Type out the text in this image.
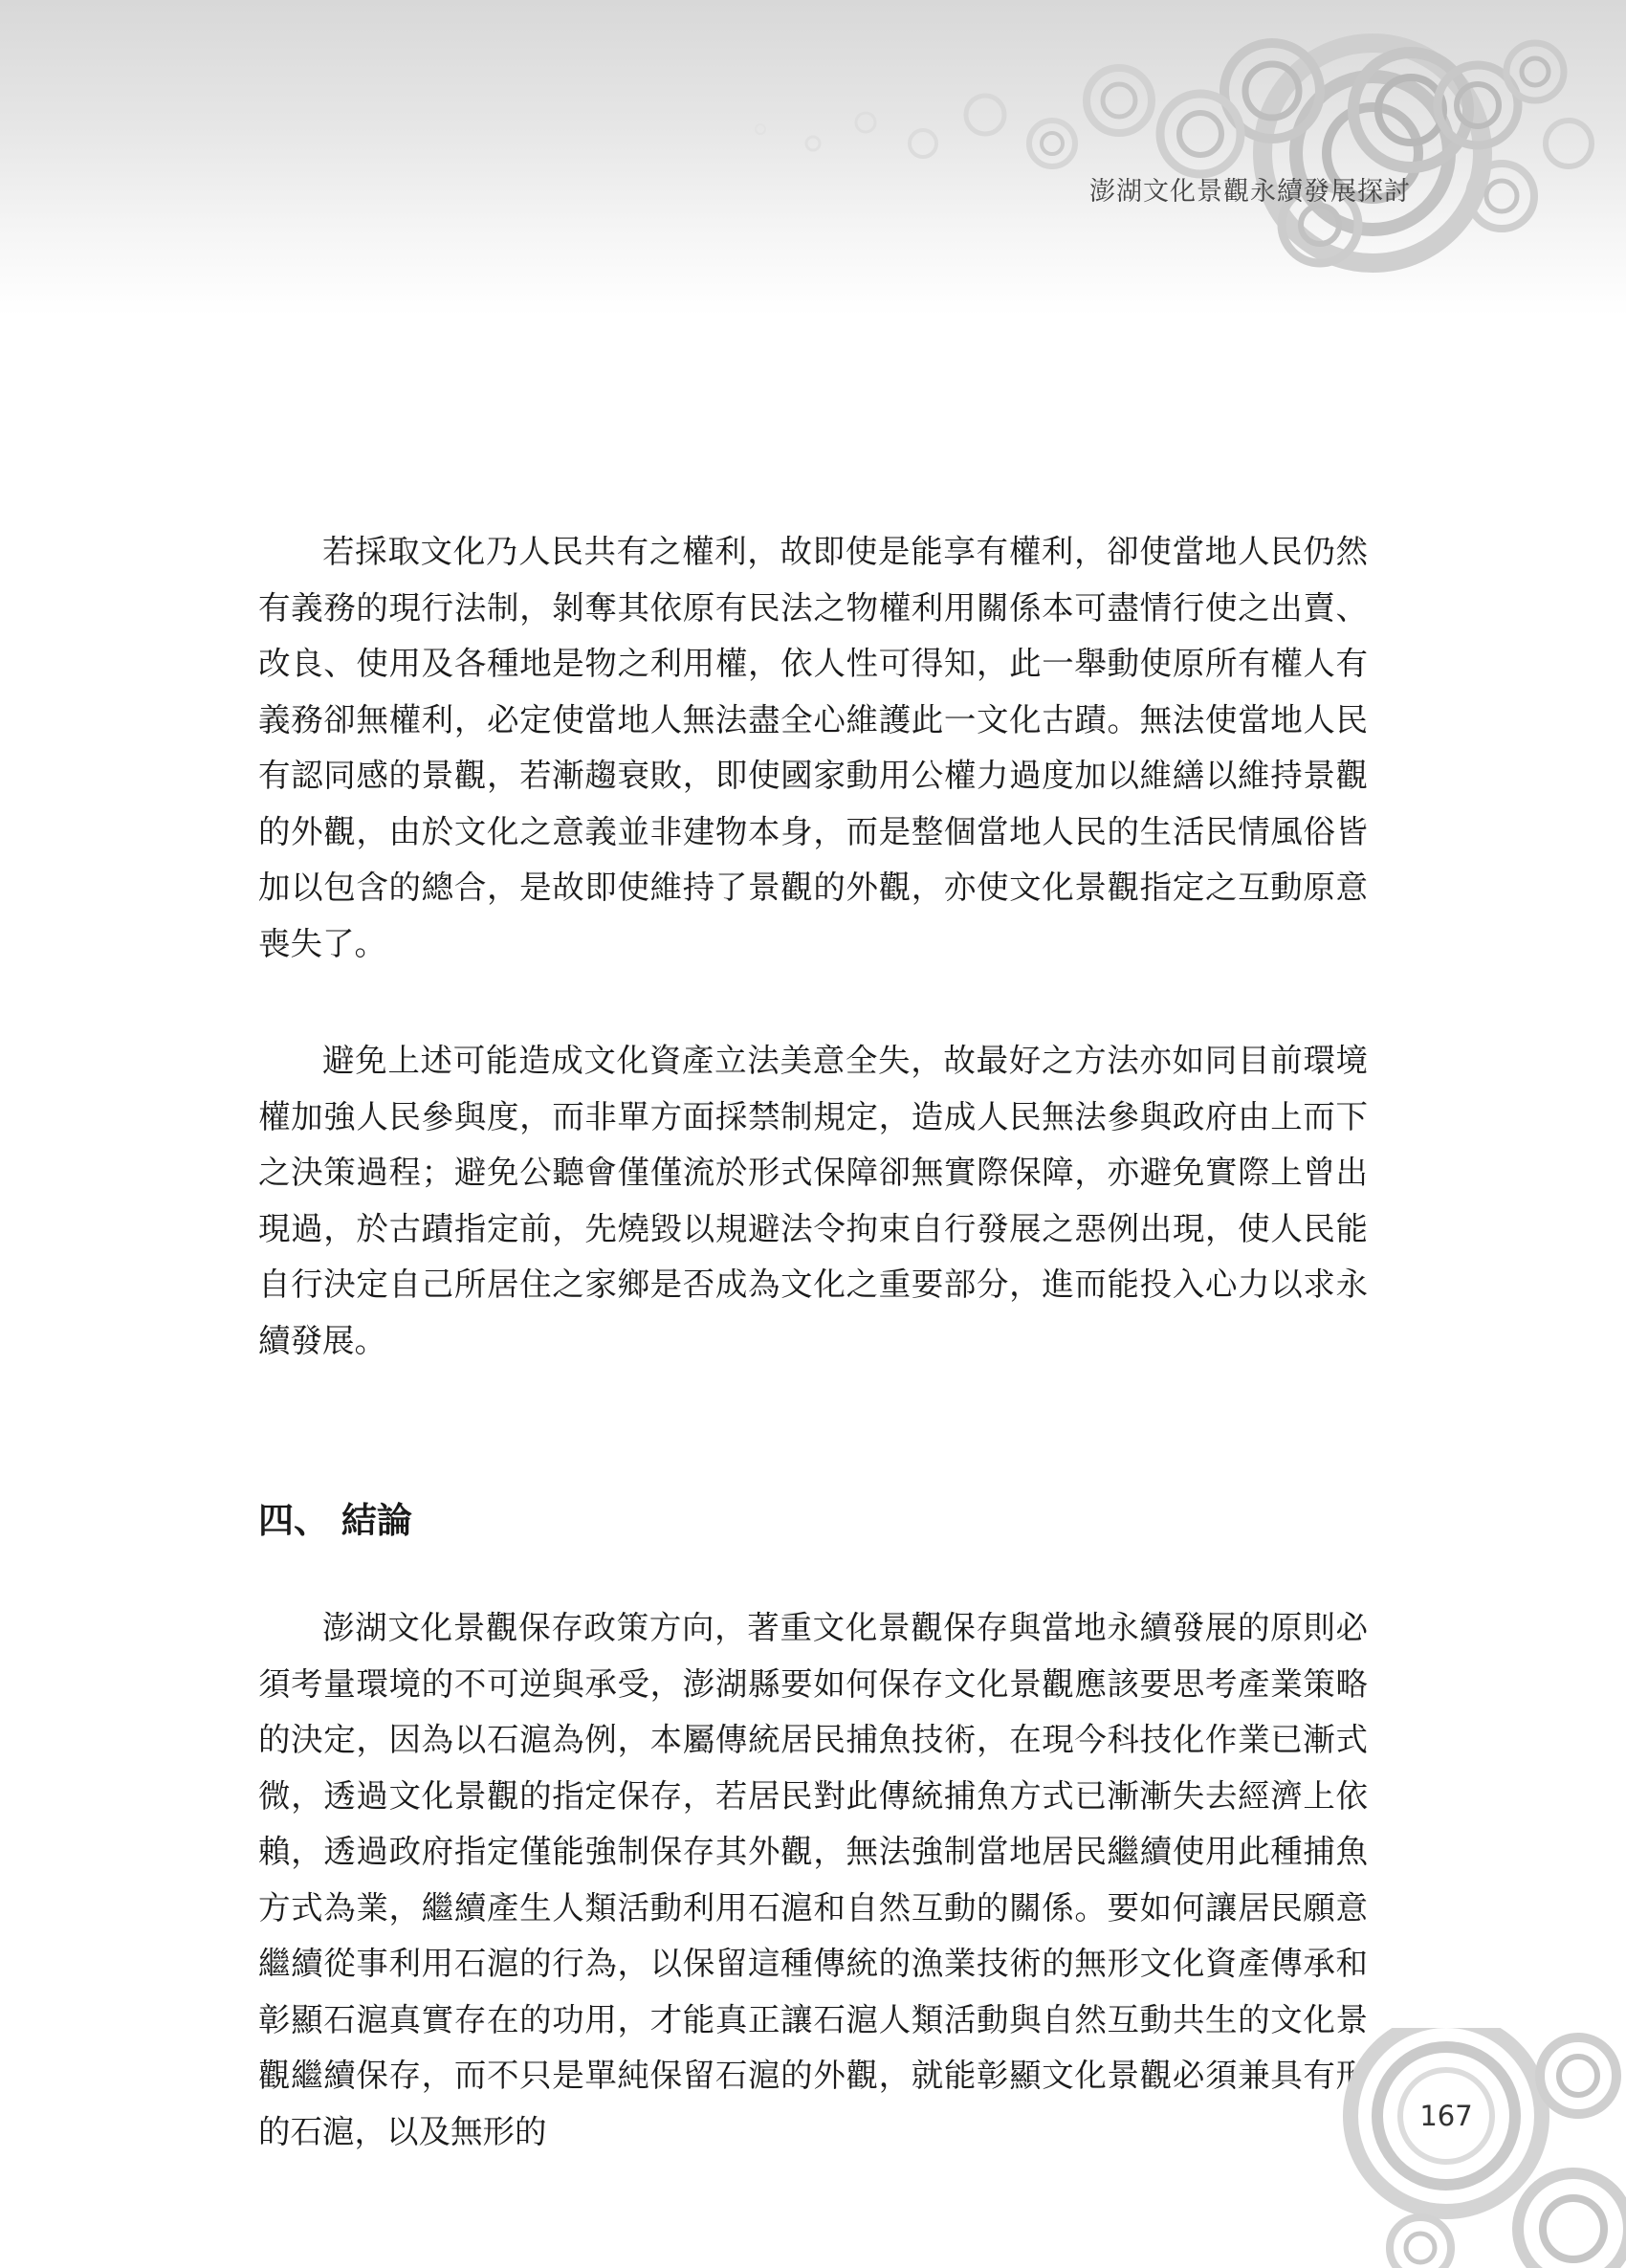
澎湖文化景觀永續發展探討

若採取文化乃人民共有之權利，故即使是能享有權利，卻使當地人民仍然有義務的現行法制，剝奪其依原有民法之物權利用關係本可盡情行使之出賣、改良、使用及各種地是物之利用權，依人性可得知，此一舉動使原所有權人有義務卻無權利，必定使當地人無法盡全心維護此一文化古蹟。無法使當地人民有認同感的景觀，若漸趨衰敗，即使國家動用公權力過度加以維繕以維持景觀的外觀，由於文化之意義並非建物本身，而是整個當地人民的生活民情風俗皆加以包含的總合，是故即使維持了景觀的外觀，亦使文化景觀指定之互動原意喪失了。

避免上述可能造成文化資產立法美意全失，故最好之方法亦如同目前環境權加強人民參與度，而非單方面採禁制規定，造成人民無法參與政府由上而下之決策過程；避免公聽會僅僅流於形式保障卻無實際保障，亦避免實際上曾出現過，於古蹟指定前，先燒毀以規避法令拘束自行發展之惡例出現，使人民能自行決定自己所居住之家鄉是否成為文化之重要部分，進而能投入心力以求永續發展。

四、 結論

澎湖文化景觀保存政策方向，著重文化景觀保存與當地永續發展的原則必須考量環境的不可逆與承受，澎湖縣要如何保存文化景觀應該要思考產業策略的決定，因為以石滬為例，本屬傳統居民捕魚技術，在現今科技化作業已漸式微，透過文化景觀的指定保存，若居民對此傳統捕魚方式已漸漸失去經濟上依賴，透過政府指定僅能強制保存其外觀，無法強制當地居民繼續使用此種捕魚方式為業，繼續產生人類活動利用石滬和自然互動的關係。要如何讓居民願意繼續從事利用石滬的行為，以保留這種傳統的漁業技術的無形文化資產傳承和彰顯石滬真實存在的功用，才能真正讓石滬人類活動與自然互動共生的文化景觀繼續保存，而不只是單純保留石滬的外觀，就能彰顯文化景觀必須兼具有形的石滬，以及無形的	167
